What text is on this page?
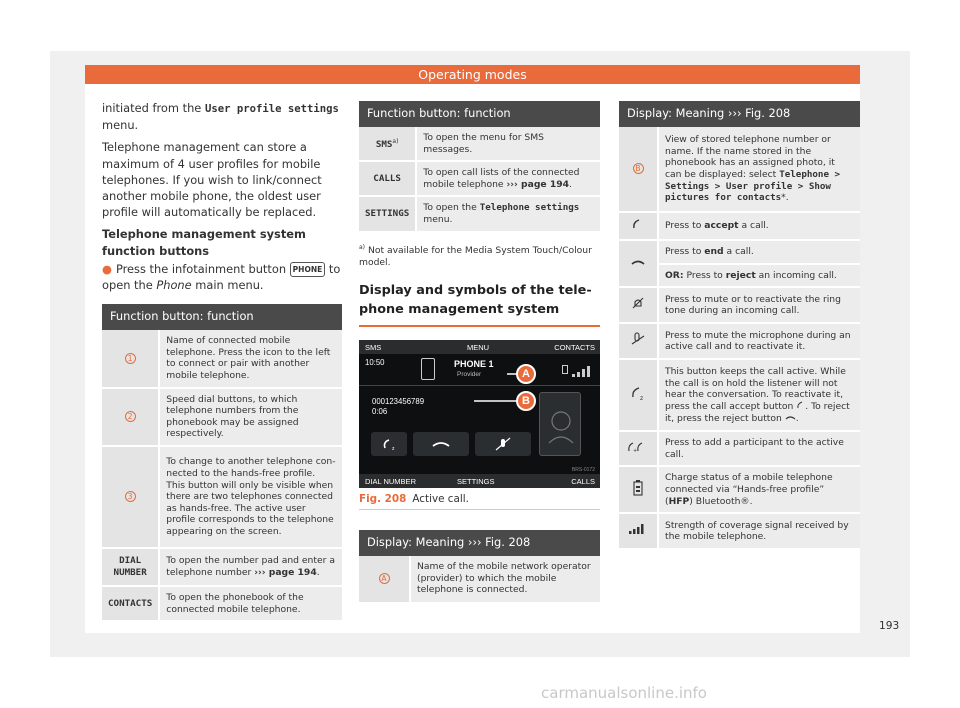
Operating modes

initiated from the User profile settings menu.

Telephone management can store a maximum of 4 user profiles for mobile telephones. If you wish to link/connect another mobile phone, the oldest user profile will automatically be replaced.

Telephone management system function buttons

● Press the infotainment button PHONE to open the Phone main menu.

Function button: function	
1	Name of connected mobile telephone. Press the icon to the left to connect or pair with another mobile telephone.
2	Speed dial buttons, to which telephone numbers from the phonebook may be assigned respectively.
3	To change to another telephone connected to the hands-free profile. This button will only be visible when there are two telephones connected as hands-free. The active user profile corresponds to the telephone appearing on the screen.
DIAL NUMBER	To open the number pad and enter a telephone number ››› page 194.
CONTACTS	To open the phonebook of the connected mobile telephone.
Function button: function	
SMS$^{a)}$	To open the menu for SMS messages.
CALLS	To open call lists of the connected mobile telephone ››› page 194.
SETTINGS	To open the Telephone settings menu.

$^{a)}$ Not available for the Media System Touch/Colour model.

Display and symbols of the telephone management system
SMS	MENU	CONTACTS
10:50	PHONE 1
Provider
000123456789
0:06
z
DIAL NUMBER	SETTINGS	CALLS
BRS-0172
A
B
Fig. 208 Active call.
Display: Meaning ››› Fig. 208
A	Name of the mobile network operator (provider) to which the mobile telephone is connected.
Display: Meaning ››› Fig. 208	
B	View of stored telephone number or name. If the name stored in the phonebook has an assigned photo, it can be displayed: select Telephone > Settings > User profile > Show pictures for contacts*.
	Press to accept a call.
	Press to end a call.
	OR: Press to reject an incoming call.
	Press to mute or to reactivate the ring tone during an incoming call.
	Press to mute the microphone during an active call and to reactivate it.

z	This button keeps the call active. While the call is on hold the listener will not hear the conversation. To reactivate it, press the call accept button . To reject it, press the reject button .

+	Press to add a participant to the active call.
	Charge status of a mobile telephone connected via “Hands-free profile” (HFP) Bluetooth®.
	Strength of coverage signal received by the mobile telephone.
193
carmanualsonline.info
